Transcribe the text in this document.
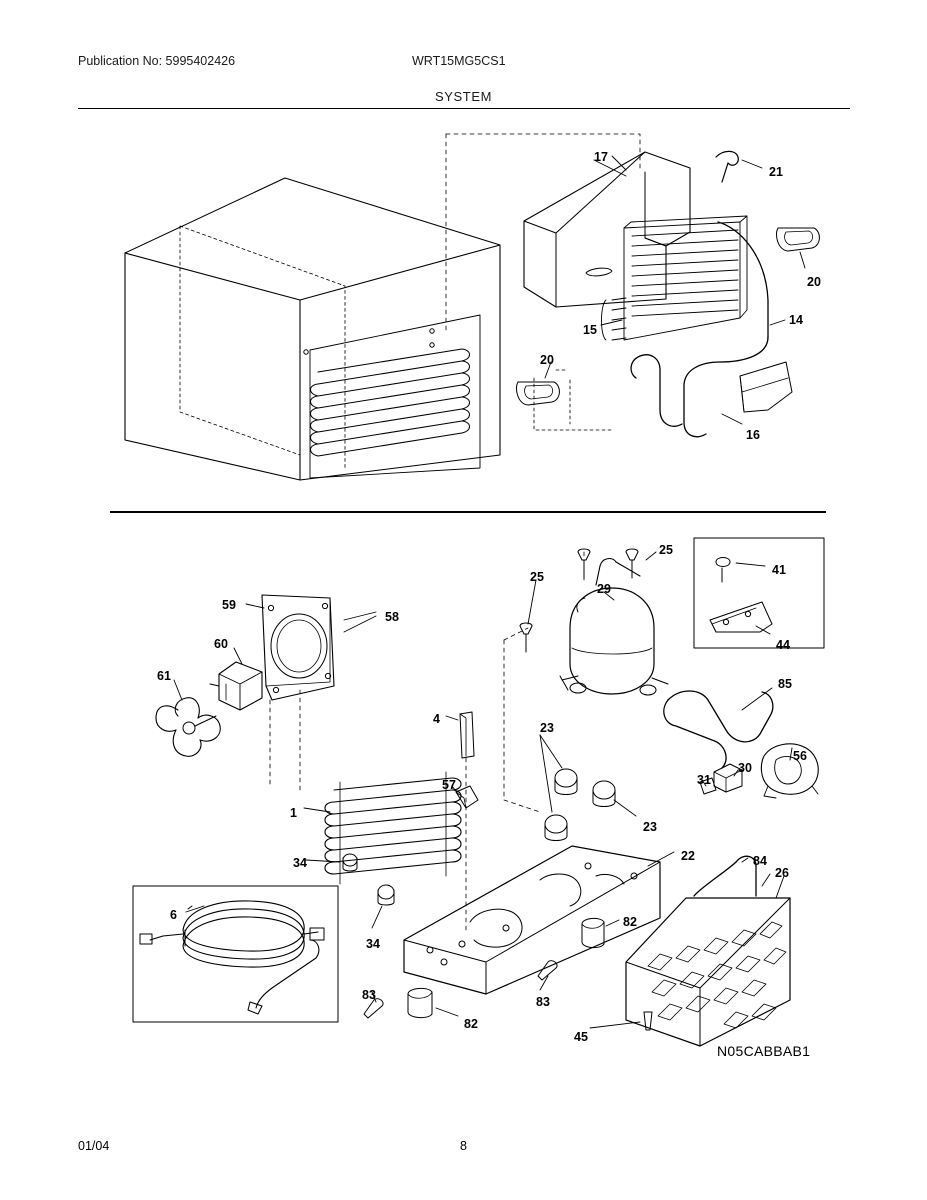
Publication No: 5995402426	WRT15MG5CS1
SYSTEM
17
21
20
15
14
20
16
25
25
29
41
44
59
58
60
61
85
4
23
56
30
31
57
1
23
34	22	84
26
6	82
34
83
83
82
45
N05CABBAB1
01/04	8
